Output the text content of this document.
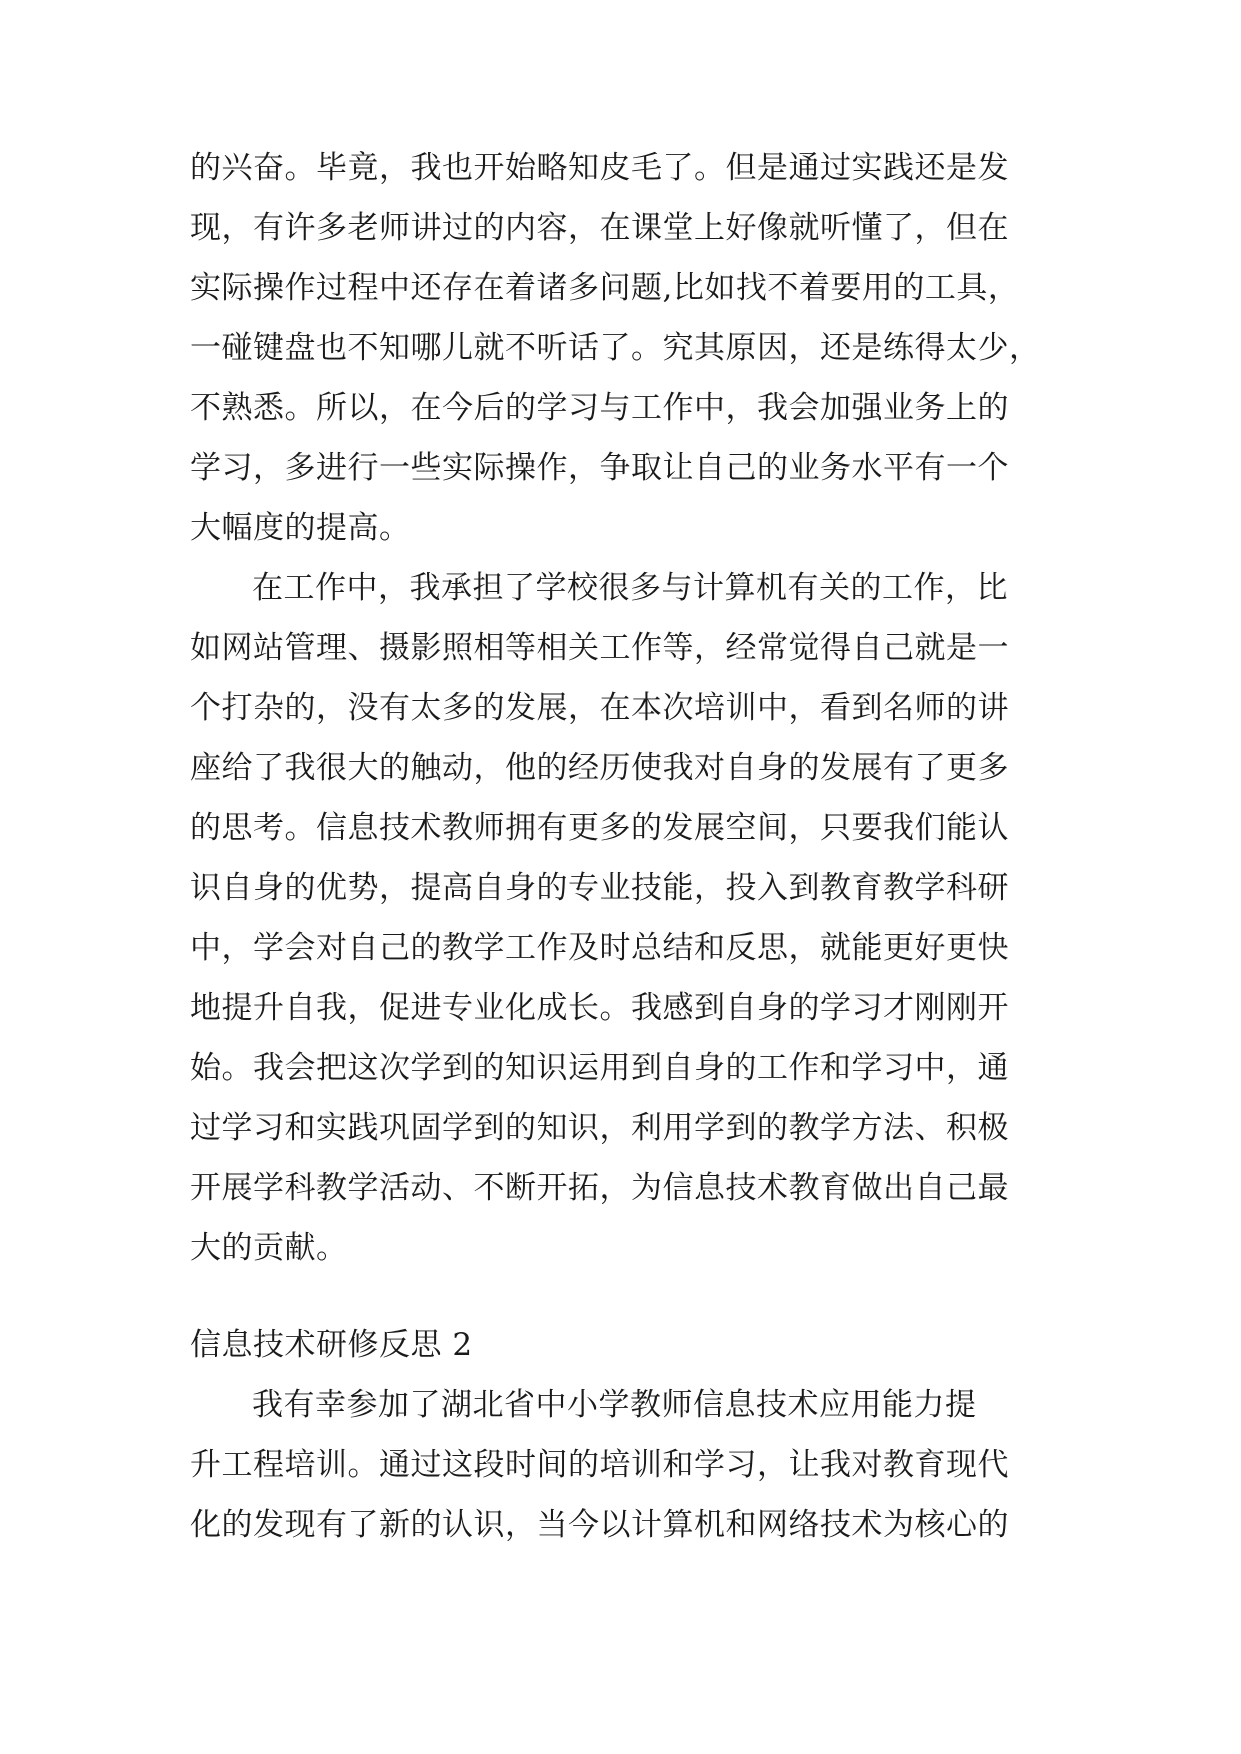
的兴奋。毕竟，我也开始略知皮毛了。但是通过实践还是发
现，有许多老师讲过的内容，在课堂上好像就听懂了，但在
实际操作过程中还存在着诸多问题,比如找不着要用的工具，
一碰键盘也不知哪儿就不听话了。究其原因，还是练得太少，
不熟悉。所以，在今后的学习与工作中，我会加强业务上的
学习，多进行一些实际操作，争取让自己的业务水平有一个
大幅度的提高。
在工作中，我承担了学校很多与计算机有关的工作，比
如网站管理、摄影照相等相关工作等，经常觉得自己就是一
个打杂的，没有太多的发展，在本次培训中，看到名师的讲
座给了我很大的触动，他的经历使我对自身的发展有了更多
的思考。信息技术教师拥有更多的发展空间，只要我们能认
识自身的优势，提高自身的专业技能，投入到教育教学科研
中，学会对自己的教学工作及时总结和反思，就能更好更快
地提升自我，促进专业化成长。我感到自身的学习才刚刚开
始。我会把这次学到的知识运用到自身的工作和学习中，通
过学习和实践巩固学到的知识，利用学到的教学方法、积极
开展学科教学活动、不断开拓，为信息技术教育做出自己最
大的贡献。
信息技术研修反思 2
我有幸参加了湖北省中小学教师信息技术应用能力提
升工程培训。通过这段时间的培训和学习，让我对教育现代
化的发现有了新的认识，当今以计算机和网络技术为核心的
